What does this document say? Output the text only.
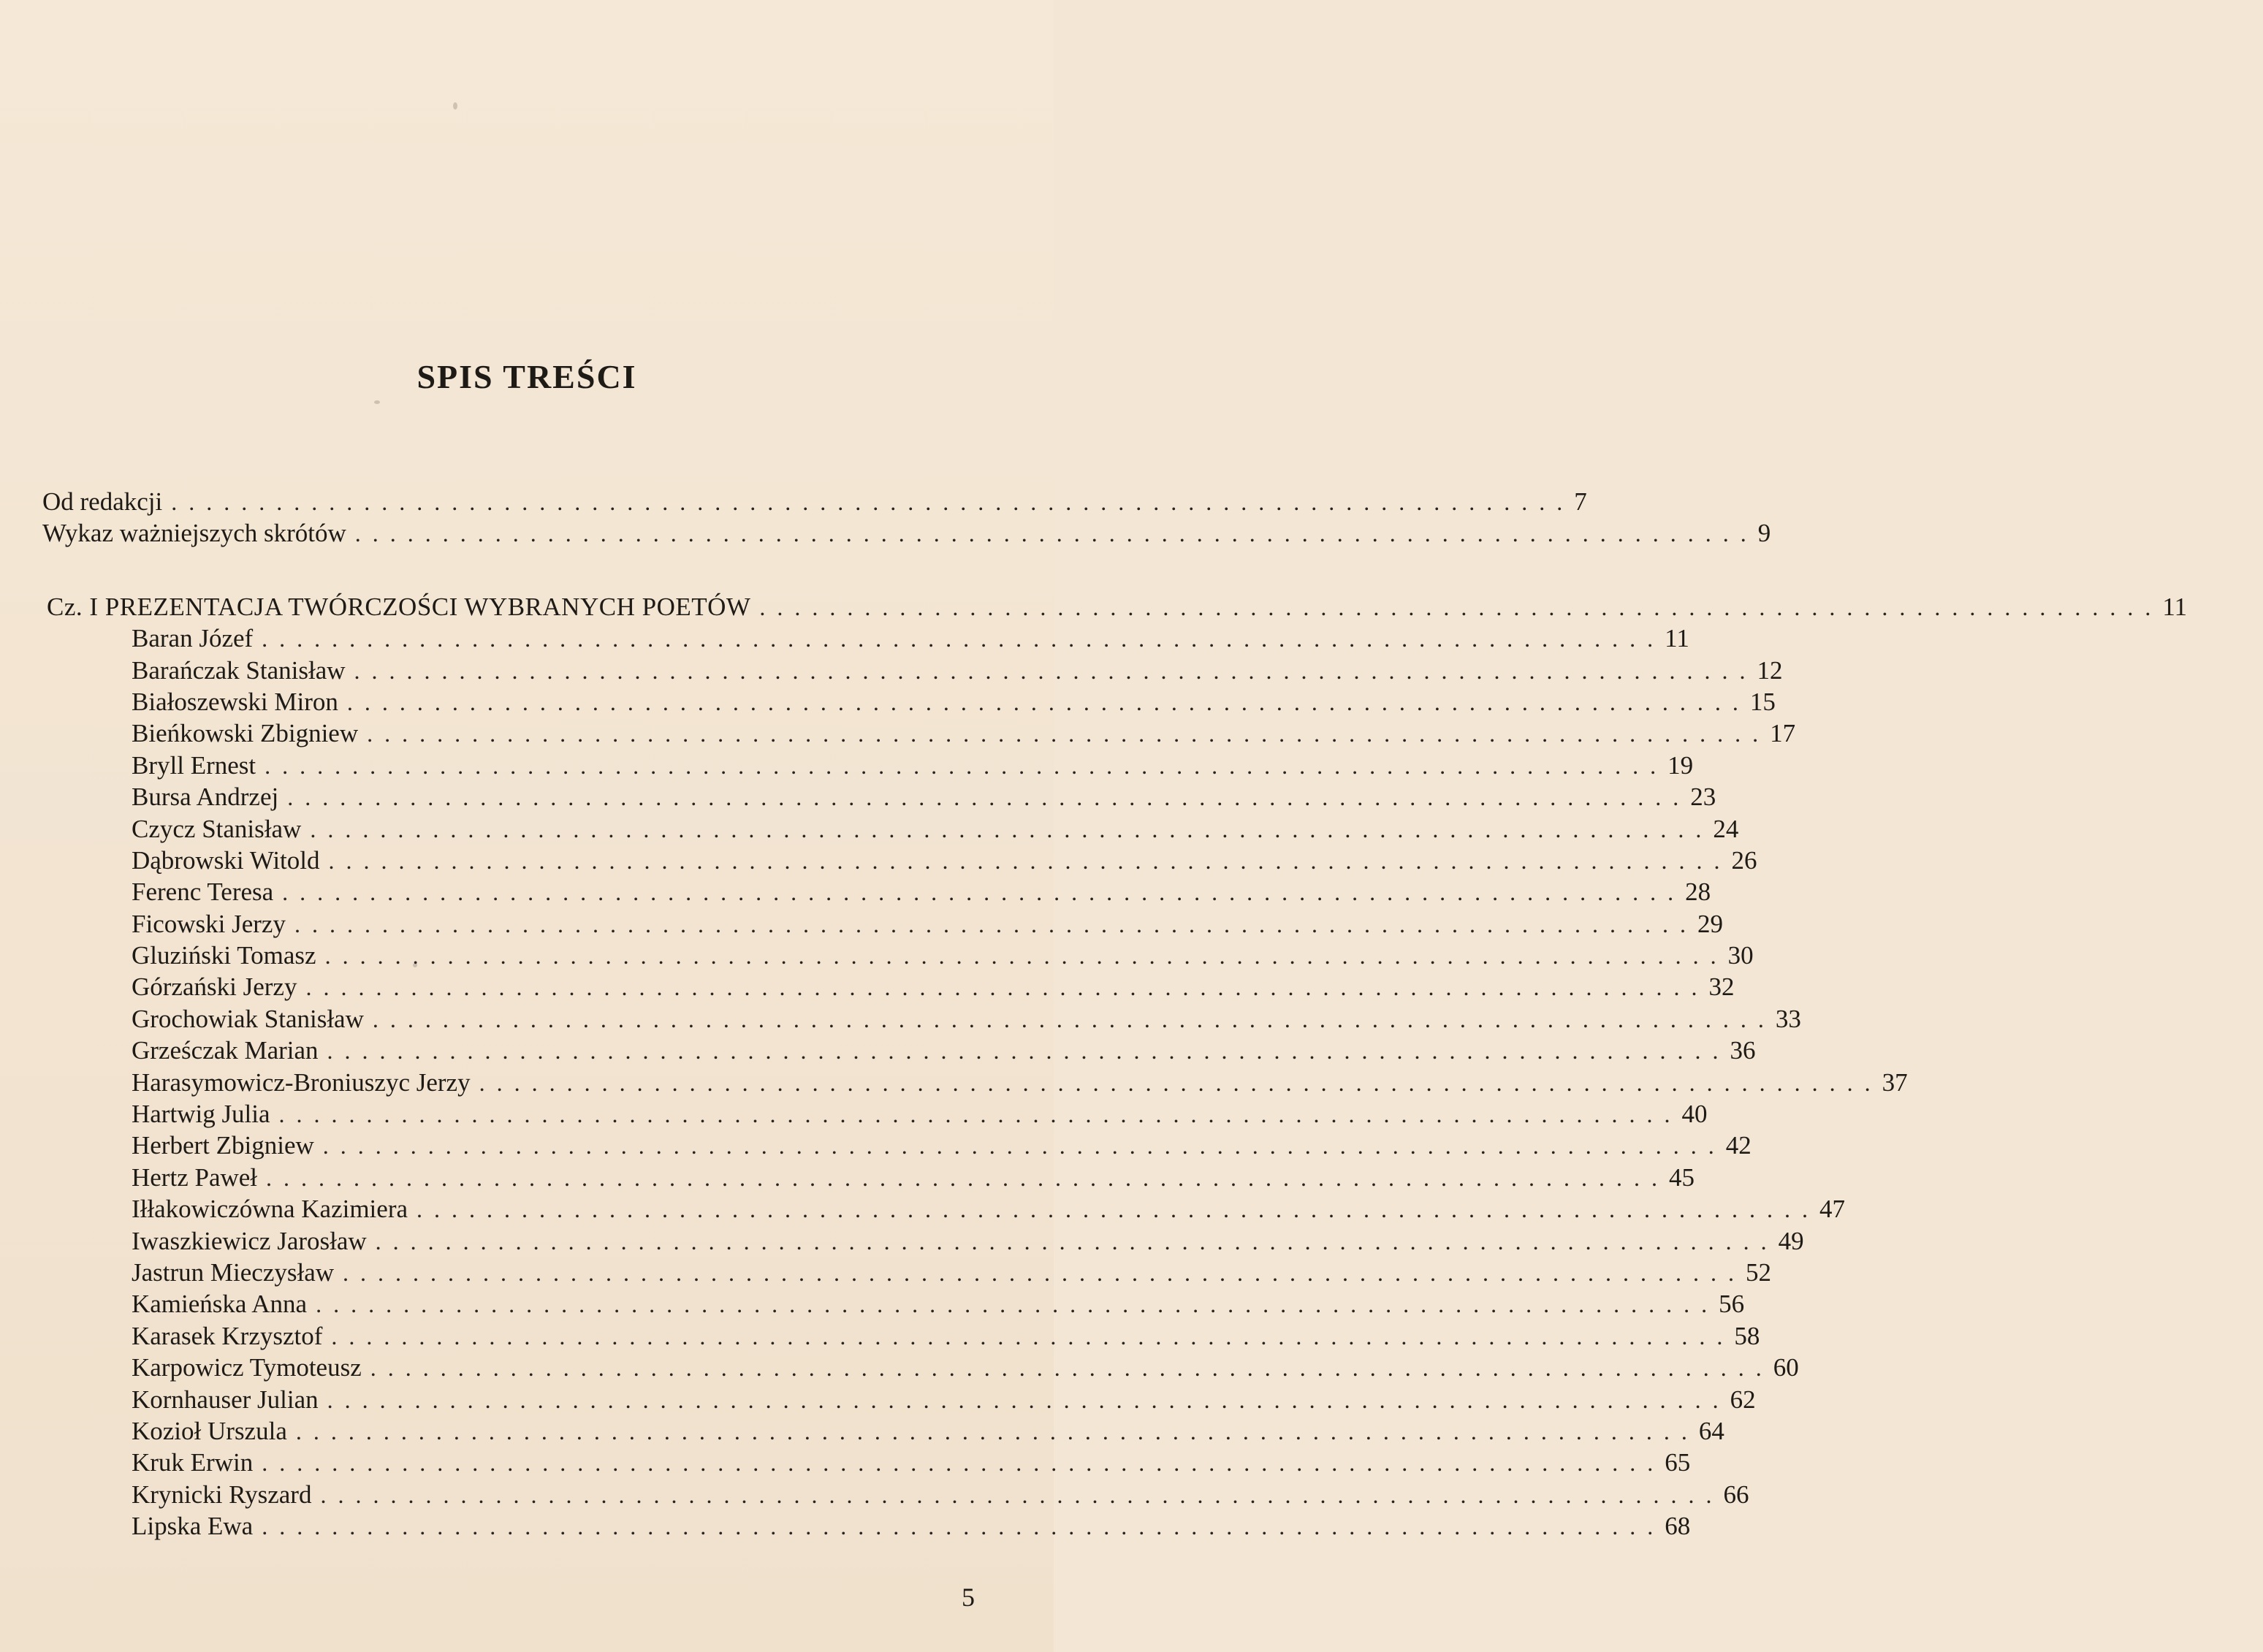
SPIS TREŚCI
Od redakcji ................................................................................ 7
Wykaz ważniejszych skrótów ................................................................................ 9
Cz. I PREZENTACJA TWÓRCZOŚCI WYBRANYCH POETÓW ................................................................................ 11
Baran Józef ................................................................................ 11
Barańczak Stanisław ................................................................................ 12
Białoszewski Miron ................................................................................ 15
Bieńkowski Zbigniew ................................................................................ 17
Bryll Ernest ................................................................................ 19
Bursa Andrzej ................................................................................ 23
Czycz Stanisław ................................................................................ 24
Dąbrowski Witold ................................................................................ 26
Ferenc Teresa ................................................................................ 28
Ficowski Jerzy ................................................................................ 29
Gluziński Tomasz ................................................................................ 30
Górzański Jerzy ................................................................................ 32
Grochowiak Stanisław ................................................................................ 33
Grześczak Marian ................................................................................ 36
Harasymowicz-Broniuszyc Jerzy ................................................................................ 37
Hartwig Julia ................................................................................ 40
Herbert Zbigniew ................................................................................ 42
Hertz Paweł ................................................................................ 45
Iłłakowiczówna Kazimiera ................................................................................ 47
Iwaszkiewicz Jarosław ................................................................................ 49
Jastrun Mieczysław ................................................................................ 52
Kamieńska Anna ................................................................................ 56
Karasek Krzysztof ................................................................................ 58
Karpowicz Tymoteusz ................................................................................ 60
Kornhauser Julian ................................................................................ 62
Kozioł Urszula ................................................................................ 64
Kruk Erwin ................................................................................ 65
Krynicki Ryszard ................................................................................ 66
Lipska Ewa ................................................................................ 68
5
